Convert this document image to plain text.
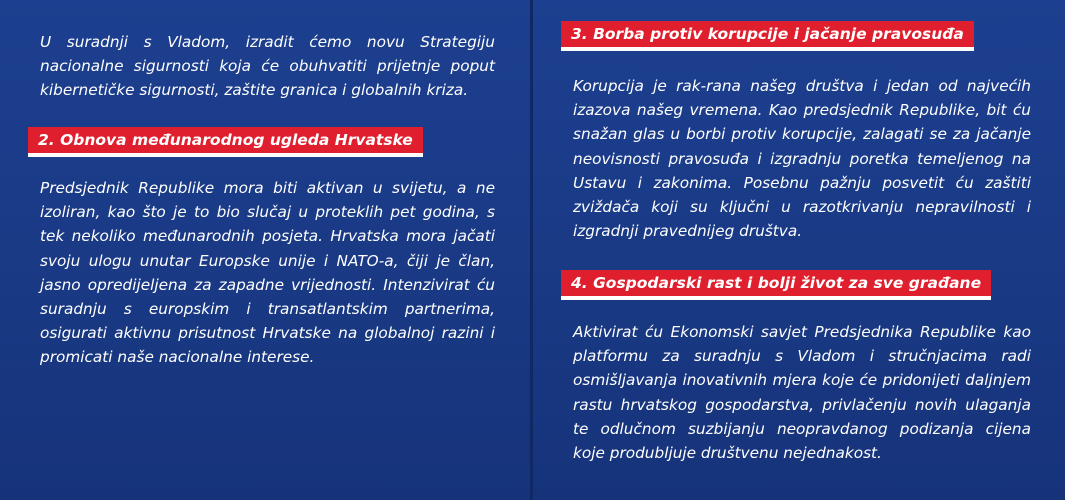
U suradnji s Vladom, izradit ćemo novu Strategiju nacionalne sigurnosti koja će obuhvatiti prijetnje poput kibernetičke sigurnosti, zaštite granica i globalnih kriza.

2. Obnova međunarodnog ugleda Hrvatske

Predsjednik Republike mora biti aktivan u svijetu, a ne izoliran, kao što je to bio slučaj u proteklih pet godina, s tek nekoliko međunarodnih posjeta. Hrvatska mora jačati svoju ulogu unutar Europske unije i NATO-a, čiji je član, jasno opredijeljena za zapadne vrijednosti. Intenzivirat ću suradnju s europskim i transatlantskim partnerima, osigurati aktivnu prisutnost Hrvatske na globalnoj razini i promicati naše nacionalne interese.

3. Borba protiv korupcije i jačanje pravosuđa

Korupcija je rak-rana našeg društva i jedan od najvećih izazova našeg vremena. Kao predsjednik Republike, bit ću snažan glas u borbi protiv korupcije, zalagati se za jačanje neovisnosti pravosuđa i izgradnju poretka temeljenog na Ustavu i zakonima. Posebnu pažnju posvetit ću zaštiti zviždača koji su ključni u razotkrivanju nepravilnosti i izgradnji pravednijeg društva.

4. Gospodarski rast i bolji život za sve građane

Aktivirat ću Ekonomski savjet Predsjednika Republike kao platformu za suradnju s Vladom i stručnjacima radi osmišljavanja inovativnih mjera koje će pridonijeti daljnjem rastu hrvatskog gospodarstva, privlačenju novih ulaganja te odlučnom suzbijanju neopravdanog podizanja cijena koje produbljuje društvenu nejednakost.
